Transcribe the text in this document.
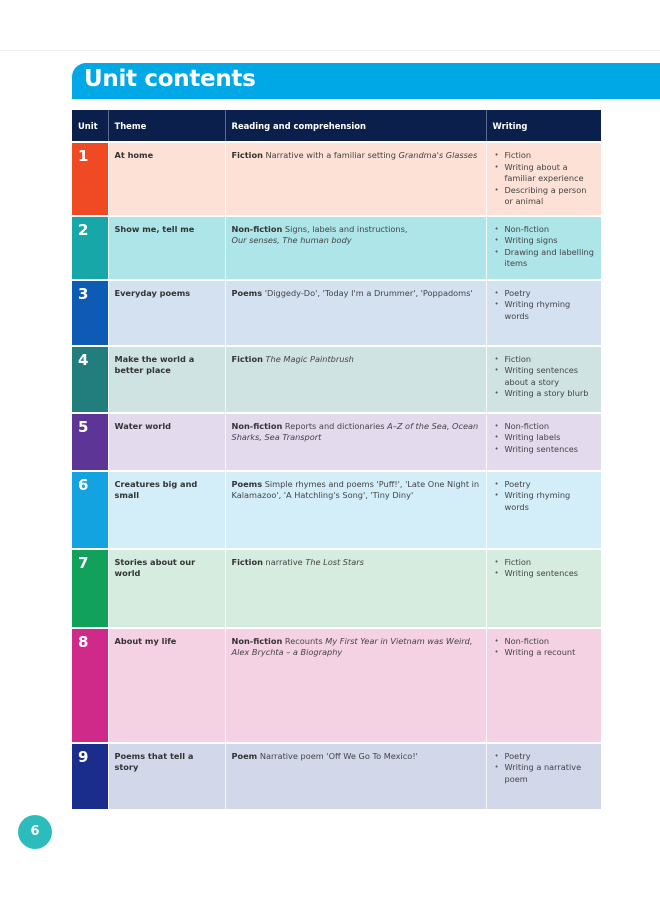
Unit contents
Unit	Theme	Reading and comprehension	Writing
1	At home	Fiction Narrative with a familiar setting Grandma's Glasses	
•Fiction
• Writing about a familiar experience
• Describing a person or animal

2	Show me, tell me	Non-fiction Signs, labels and instructions,
Our senses, The human body	
• Non-fiction
• Writing signs
• Drawing and labelling items

3	Everyday poems	Poems 'Diggedy-Do', 'Today I'm a Drummer', 'Poppadoms'	
•Poetry
• Writing rhyming words

4	Make the world a better place	Fiction The Magic Paintbrush	
•Fiction
• Writing sentences about a story
• Writing a story blurb

5	Water world	Non-fiction Reports and dictionaries A–Z of the Sea, Ocean Sharks, Sea Transport	
• Non-fiction
• Writing labels
• Writing sentences

6	Creatures big and small	Poems Simple rhymes and poems 'Puff!', 'Late One Night in Kalamazoo', 'A Hatchling's Song', 'Tiny Diny'	
• Poetry
• Writing rhyming words

7	Stories about our world	Fiction narrative The Lost Stars	
•Fiction
• Writing sentences

8	About my life	Non-fiction Recounts My First Year in Vietnam was Weird, Alex Brychta – a Biography	
• Non-fiction
• Writing a recount

9	Poems that tell a story	Poem Narrative poem 'Off We Go To Mexico!'	
•Poetry
• Writing a narrative poem
6
